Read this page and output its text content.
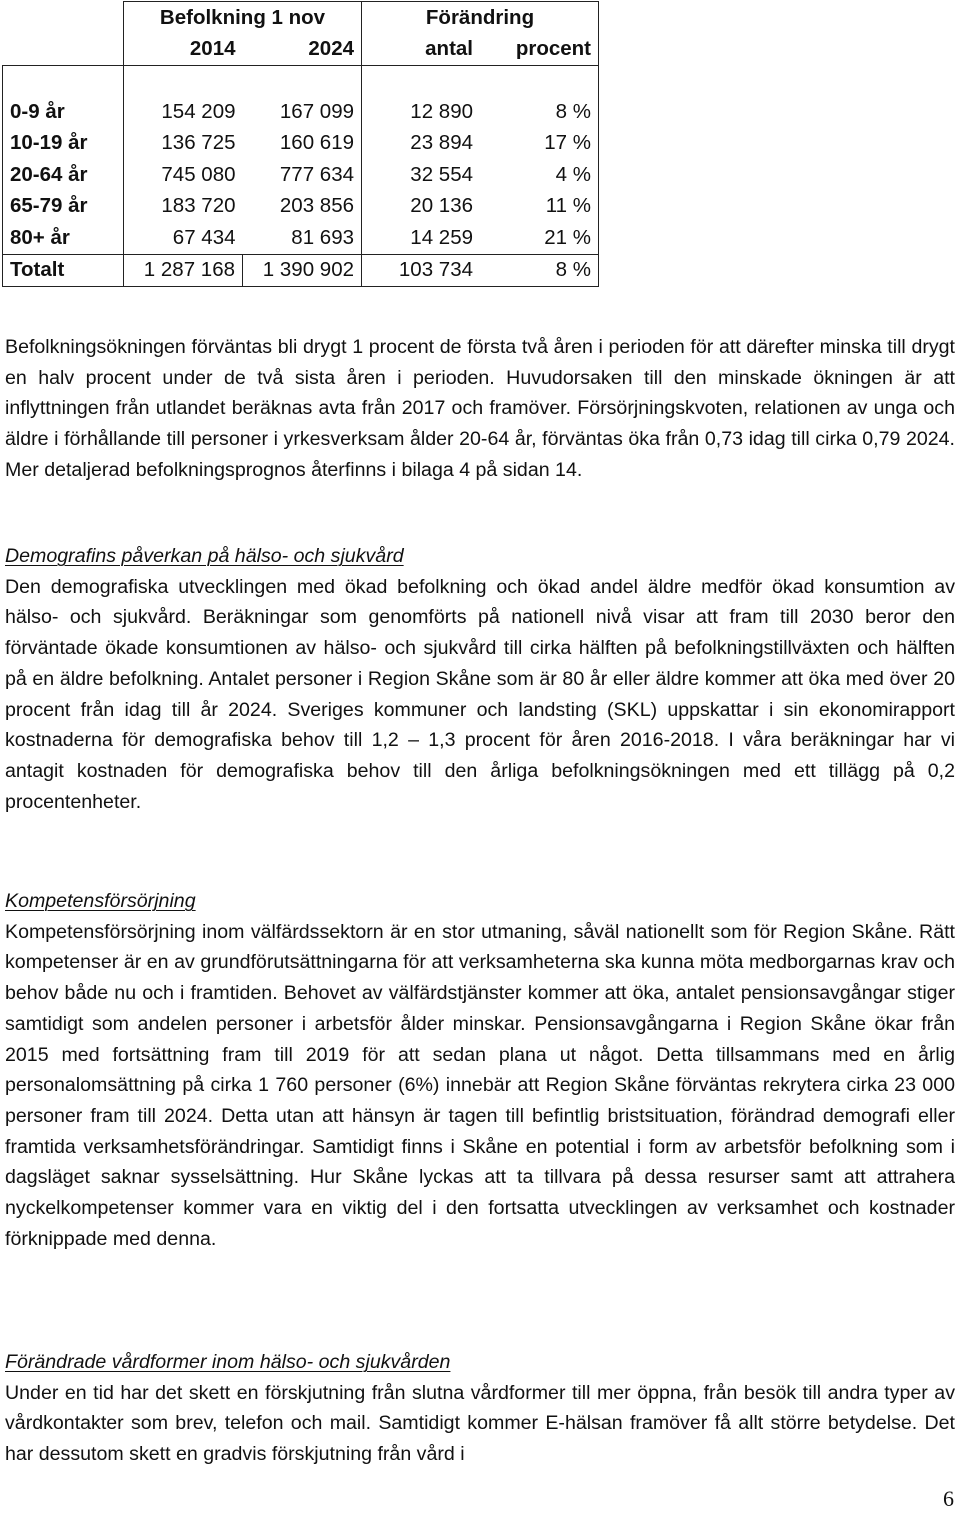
	Befolkning 1 nov		Förändring	
	2014	2024	antal	procent

0-9 år	154 209	167 099	12 890	8 %
10-19 år	136 725	160 619	23 894	17 %
20-64 år	745 080	777 634	32 554	4 %
65-79 år	183 720	203 856	20 136	11 %
80+ år	67 434	81 693	14 259	21 %
Totalt	1 287 168	1 390 902	103 734	8 %

Befolkningsökningen förväntas bli drygt 1 procent de första två åren i perioden för att därefter minska till drygt en halv procent under de två sista åren i perioden. Huvudorsaken till den minskade ökningen är att inflyttningen från utlandet beräknas avta från 2017 och framöver. Försörjningskvoten, relationen av unga och äldre i förhållande till personer i yrkesverksam ålder 20-64 år, förväntas öka från 0,73 idag till cirka 0,79 2024. Mer detaljerad befolkningsprognos återfinns i bilaga 4 på sidan 14.

Demografins påverkan på hälso- och sjukvård

Den demografiska utvecklingen med ökad befolkning och ökad andel äldre medför ökad konsumtion av hälso- och sjukvård. Beräkningar som genomförts på nationell nivå visar att fram till 2030 beror den förväntade ökade konsumtionen av hälso- och sjukvård till cirka hälften på befolkningstillväxten och hälften på en äldre befolkning. Antalet personer i Region Skåne som är 80 år eller äldre kommer att öka med över 20 procent från idag till år 2024. Sveriges kommuner och landsting (SKL) uppskattar i sin ekonomirapport kostnaderna för demografiska behov till 1,2 – 1,3 procent för åren 2016-2018. I våra beräkningar har vi antagit kostnaden för demografiska behov till den årliga befolkningsökningen med ett tillägg på 0,2 procentenheter.

Kompetensförsörjning

Kompetensförsörjning inom välfärdssektorn är en stor utmaning, såväl nationellt som för Region Skåne. Rätt kompetenser är en av grundförutsättningarna för att verksamheterna ska kunna möta medborgarnas krav och behov både nu och i framtiden. Behovet av välfärdstjänster kommer att öka, antalet pensionsavgångar stiger samtidigt som andelen personer i arbetsför ålder minskar. Pensionsavgångarna i Region Skåne ökar från 2015 med fortsättning fram till 2019 för att sedan plana ut något. Detta tillsammans med en årlig personalomsättning på cirka 1 760 personer (6%) innebär att Region Skåne förväntas rekrytera cirka 23 000 personer fram till 2024. Detta utan att hänsyn är tagen till befintlig bristsituation, förändrad demografi eller framtida verksamhetsförändringar. Samtidigt finns i Skåne en potential i form av arbetsför befolkning som i dagsläget saknar sysselsättning. Hur Skåne lyckas att ta tillvara på dessa resurser samt att attrahera nyckelkompetenser kommer vara en viktig del i den fortsatta utvecklingen av verksamhet och kostnader förknippade med denna.

Förändrade vårdformer inom hälso- och sjukvården

Under en tid har det skett en förskjutning från slutna vårdformer till mer öppna, från besök till andra typer av vårdkontakter som brev, telefon och mail. Samtidigt kommer E-hälsan framöver få allt större betydelse. Det har dessutom skett en gradvis förskjutning från vård i

6
